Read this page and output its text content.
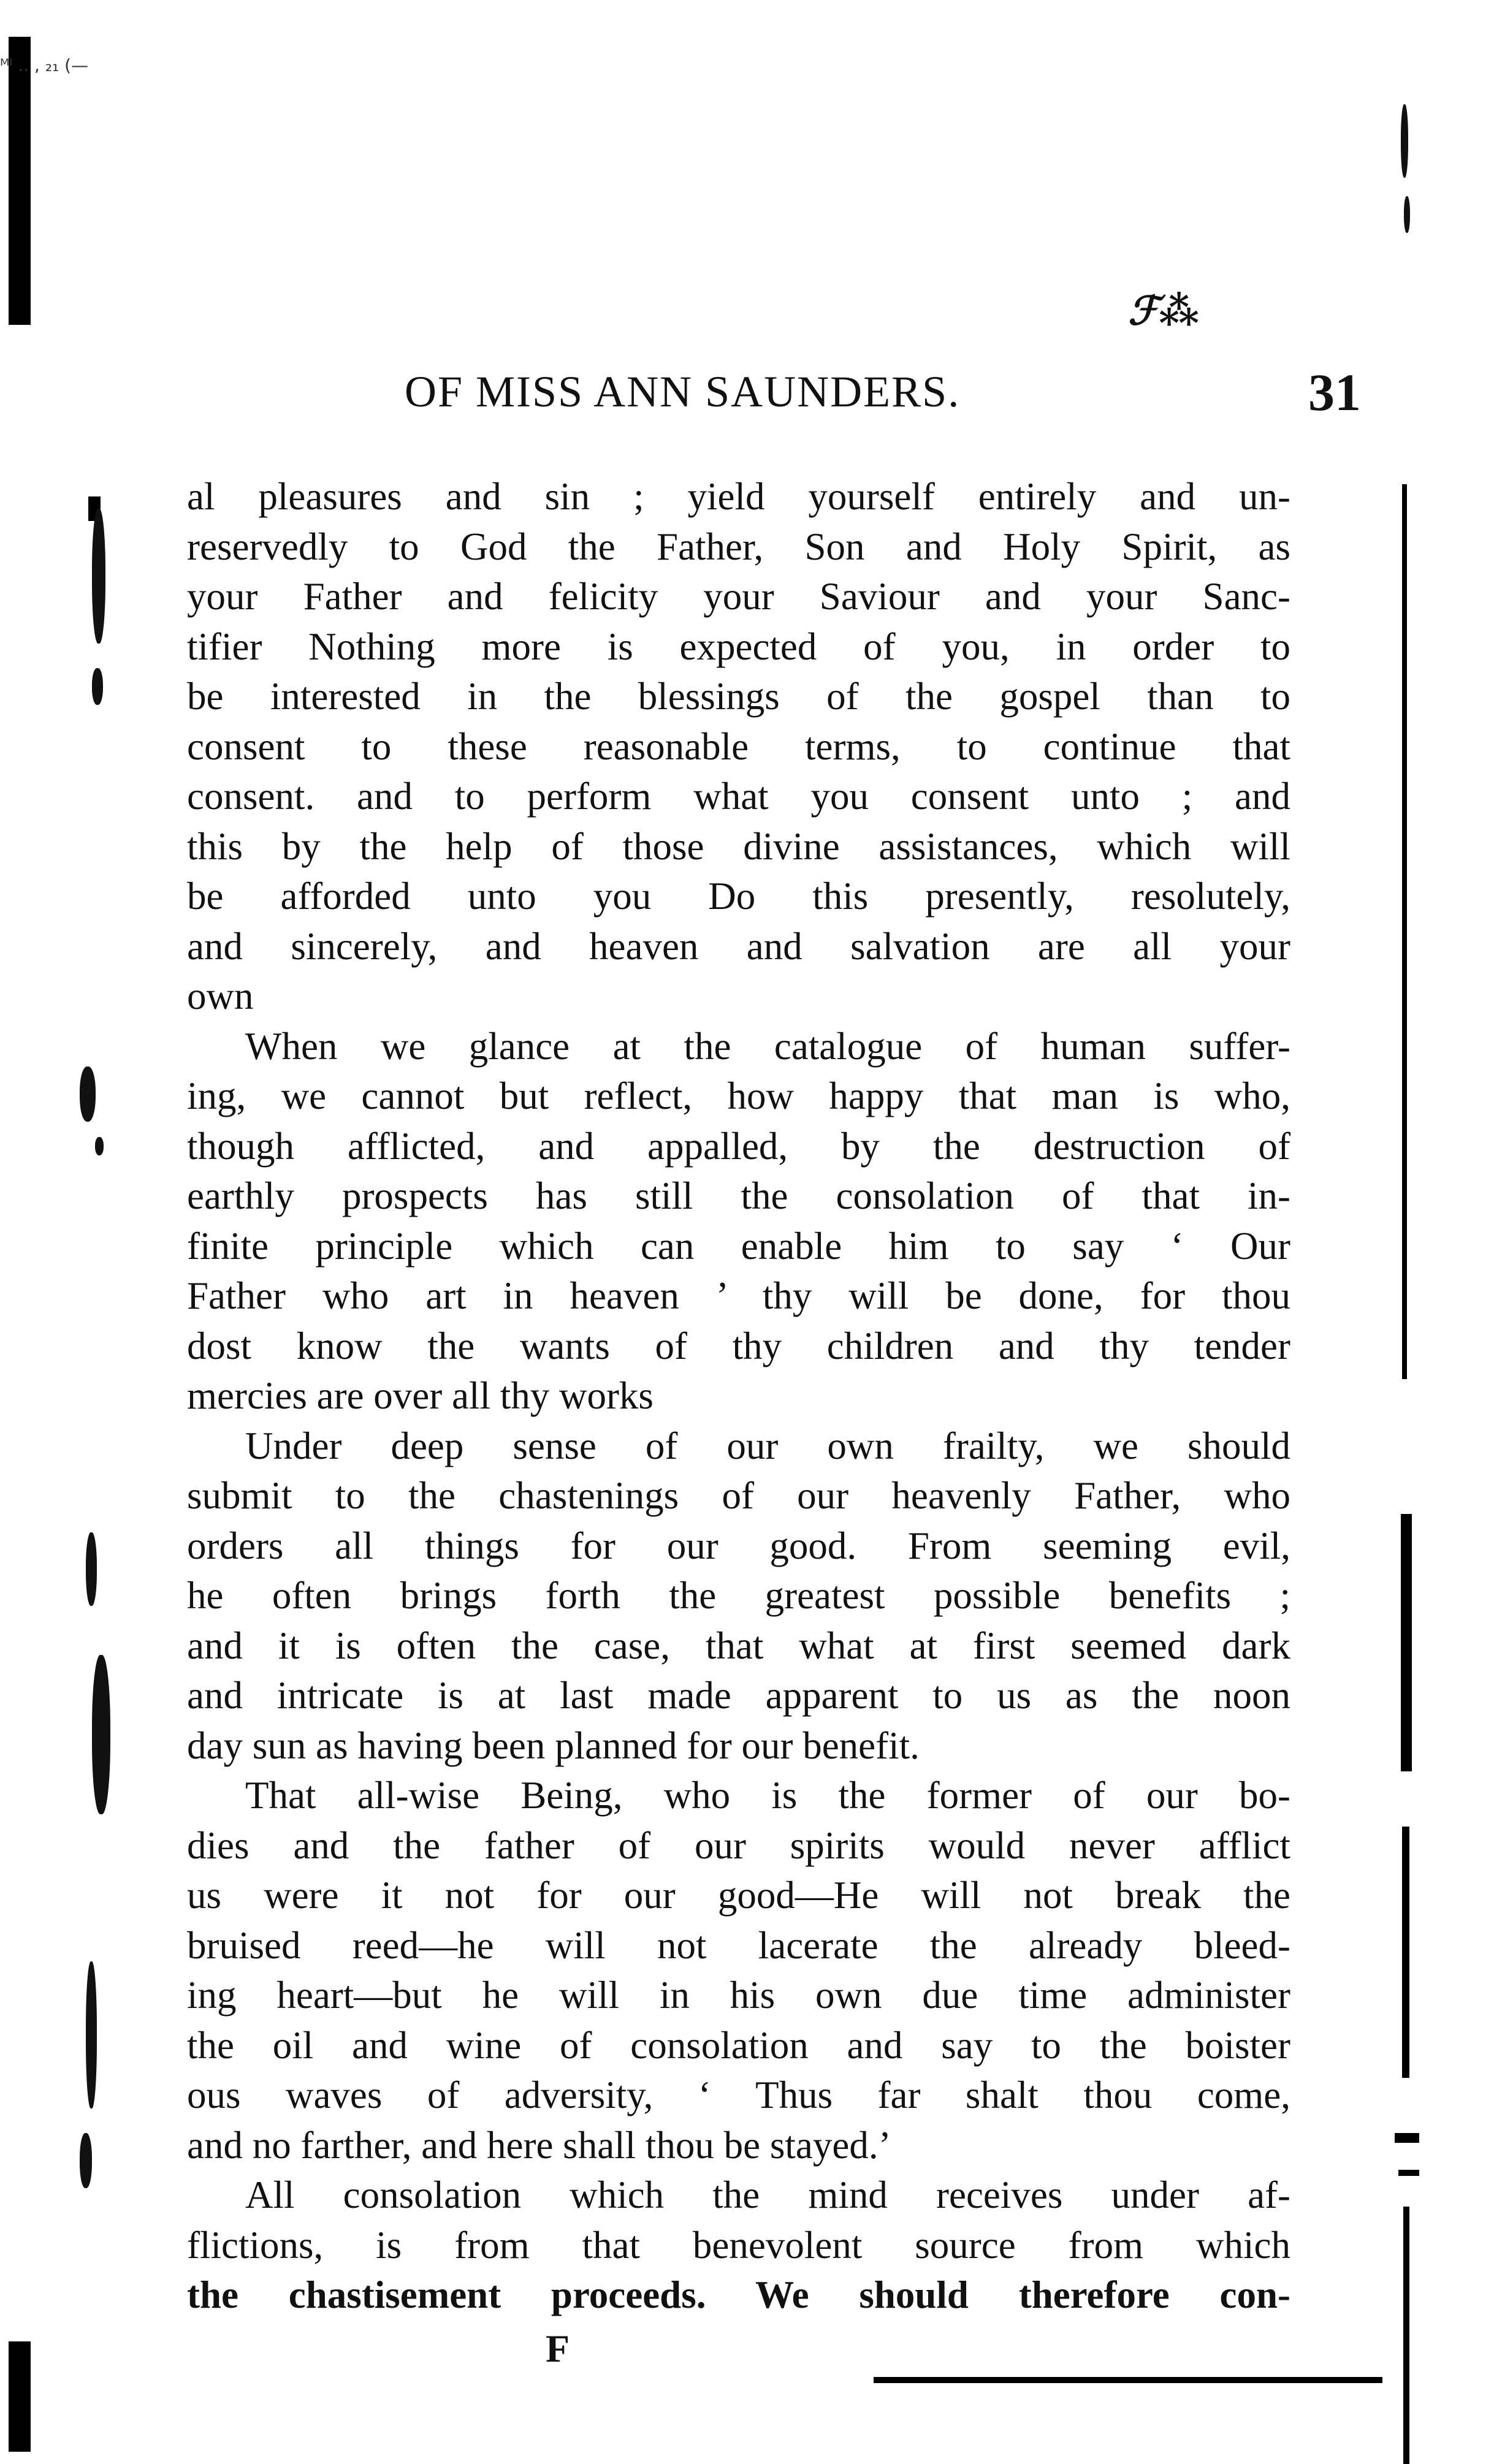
ᴹᴵ .. , ₂₁ (—
ℱ⁂
OF MISS ANN SAUNDERS.	31
al pleasures and sin ; yield yourself entirely and un-
reservedly to God the Father, Son and Holy Spirit, as
your Father and felicity your Saviour and your Sanc-
tifier Nothing more is expected of you, in order to
be interested in the blessings of the gospel than to
consent to these reasonable terms, to continue that
consent. and to perform what you consent unto ; and
this by the help of those divine assistances, which will
be afforded unto you Do this presently, resolutely,
and sincerely, and heaven and salvation are all your
own
When we glance at the catalogue of human suffer-
ing, we cannot but reflect, how happy that man is who,
though afflicted, and appalled, by the destruction of
earthly prospects has still the consolation of that in-
finite principle which can enable him to say ‘ Our
Father who art in heaven ’ thy will be done, for thou
dost know the wants of thy children and thy tender
mercies are over all thy works
Under deep sense of our own frailty, we should
submit to the chastenings of our heavenly Father, who
orders all things for our good. From seeming evil,
he often brings forth the greatest possible benefits ;
and it is often the case, that what at first seemed dark
and intricate is at last made apparent to us as the noon
day sun as having been planned for our benefit.
That all-wise Being, who is the former of our bo-
dies and the father of our spirits would never afflict
us were it not for our good—He will not break the
bruised reed—he will not lacerate the already bleed-
ing heart—but he will in his own due time administer
the oil and wine of consolation and say to the boister
ous waves of adversity, ‘ Thus far shalt thou come,
and no farther, and here shall thou be stayed.’
All consolation which the mind receives under af-
flictions, is from that benevolent source from which
the chastisement proceeds. We should therefore con-
F
